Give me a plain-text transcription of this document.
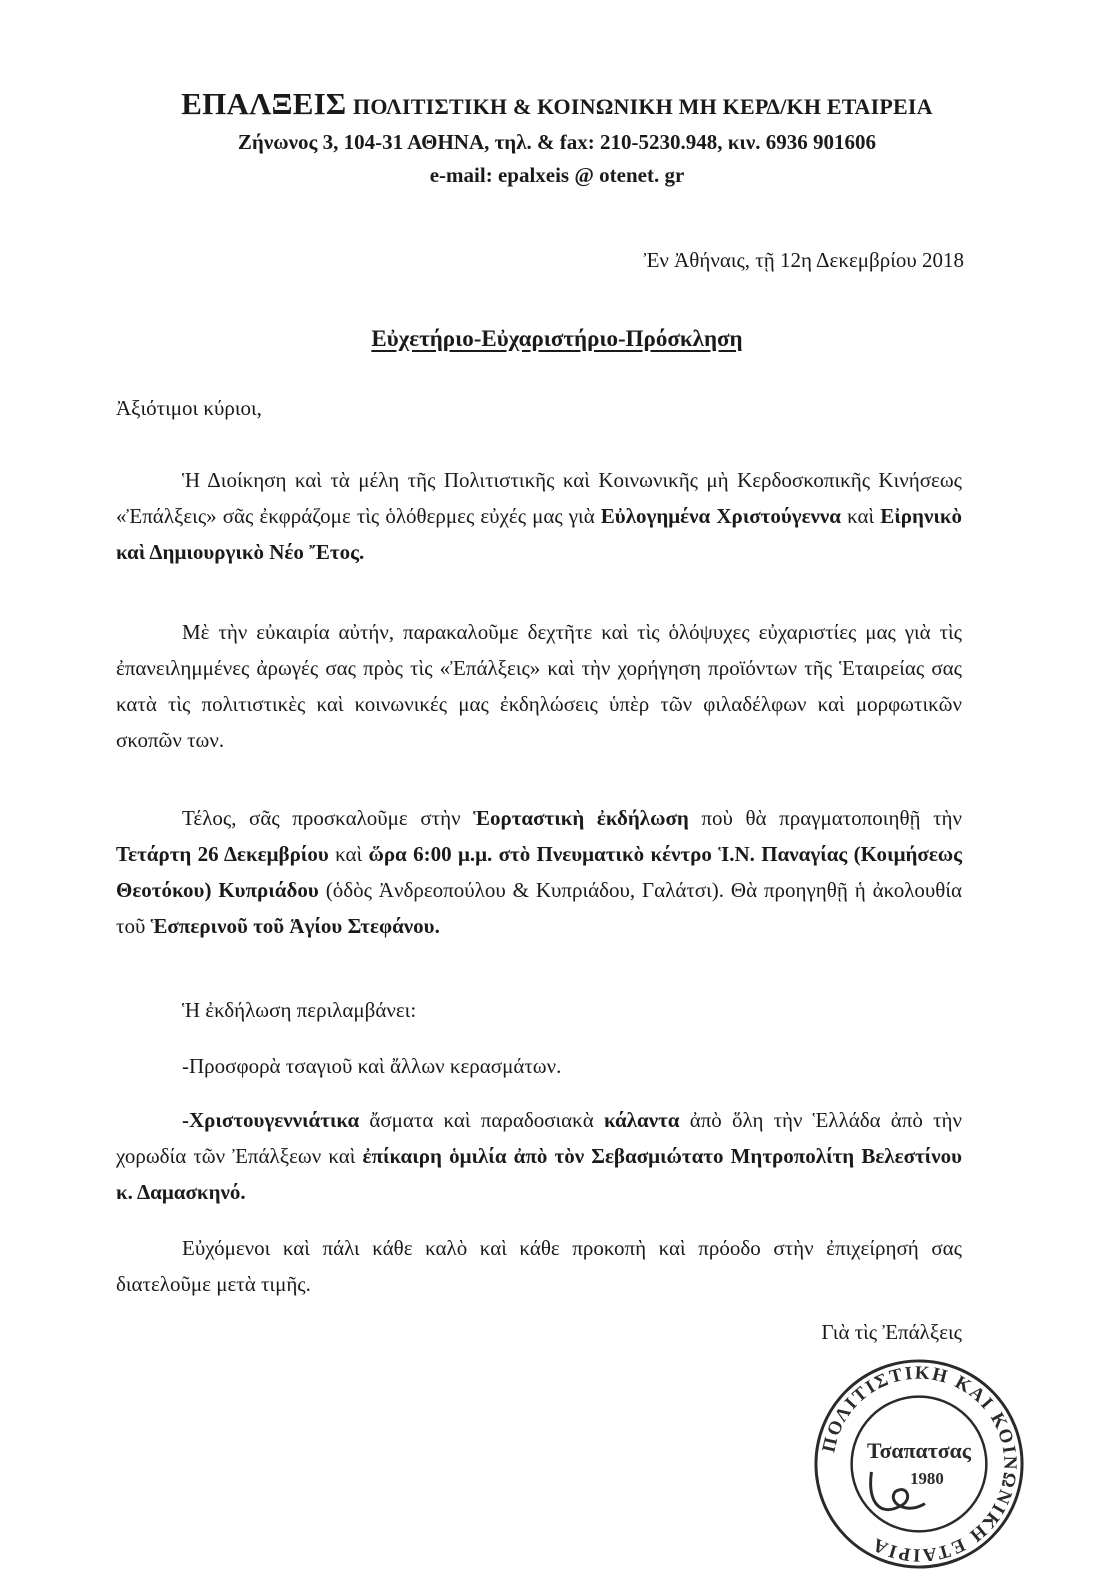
ΕΠΑΛΞΕΙΣ ΠΟΛΙΤΙΣΤΙΚΗ & ΚΟΙΝΩΝΙΚΗ ΜΗ ΚΕΡΔ/ΚΗ ΕΤΑΙΡΕΙΑ
Ζήνωνος 3, 104-31 ΑΘΗΝΑ, τηλ. & fax: 210-5230.948, κιν. 6936 901606
e-mail: epalxeis @ otenet. gr
Ἐν Ἀθήναις, τῇ 12η Δεκεμβρίου 2018
Εὐχετήριο-Εὐχαριστήριο-Πρόσκληση
Ἀξιότιμοι κύριοι,

Ἡ Διοίκηση καὶ τὰ μέλη τῆς Πολιτιστικῆς καὶ Κοινωνικῆς μὴ Κερδοσκοπικῆς Κινήσεως «Ἐπάλξεις» σᾶς ἐκφράζομε τὶς ὁλόθερμες εὐχές μας γιὰ Εὐλογημένα Χριστούγεννα καὶ Εἰρηνικὸ καὶ Δημιουργικὸ Νέο Ἔτος.

Μὲ τὴν εὐκαιρία αὐτήν, παρακαλοῦμε δεχτῆτε καὶ τὶς ὁλόψυχες εὐχαριστίες μας γιὰ τὶς ἐπανειλημμένες ἀρωγές σας πρὸς τὶς «Ἐπάλξεις» καὶ τὴν χορήγηση προϊόντων τῆς Ἑταιρείας σας κατὰ τὶς πολιτιστικὲς καὶ κοινωνικές μας ἐκδηλώσεις ὑπὲρ τῶν φιλαδέλφων καὶ μορφωτικῶν σκοπῶν των.

Τέλος, σᾶς προσκαλοῦμε στὴν Ἑορταστικὴ ἐκδήλωση ποὺ θὰ πραγματοποιηθῇ τὴν Τετάρτη 26 Δεκεμβρίου καὶ ὥρα 6:00 μ.μ. στὸ Πνευματικὸ κέντρο Ἱ.Ν. Παναγίας (Κοιμήσεως Θεοτόκου) Κυπριάδου (ὁδὸς Ἀνδρεοπούλου & Κυπριάδου, Γαλάτσι). Θὰ προηγηθῇ ἡ ἀκολουθία τοῦ Ἑσπερινοῦ τοῦ Ἁγίου Στεφάνου.

Ἡ ἐκδήλωση περιλαμβάνει:

-Προσφορὰ τσαγιοῦ καὶ ἄλλων κερασμάτων.

-Χριστουγεννιάτικα ἄσματα καὶ παραδοσιακὰ κάλαντα ἀπὸ ὅλη τὴν Ἑλλάδα ἀπὸ τὴν χορωδία τῶν Ἐπάλξεων καὶ ἐπίκαιρη ὁμιλία ἀπὸ τὸν Σεβασμιώτατο Μητροπολίτη Βελεστίνου κ. Δαμασκηνό.

Εὐχόμενοι καὶ πάλι κάθε καλὸ καὶ κάθε προκοπὴ καὶ πρόοδο στὴν ἐπιχείρησή σας διατελοῦμε μετὰ τιμῆς.

Γιὰ τὶς Ἐπάλξεις
ΠΟΛΙΤΙΣΤΙΚΗ ΚΑΙ ΚΟΙΝΩΝΙΚΗ ΕΤΑΙΡΙΑ
Τσαπατσας
1980
